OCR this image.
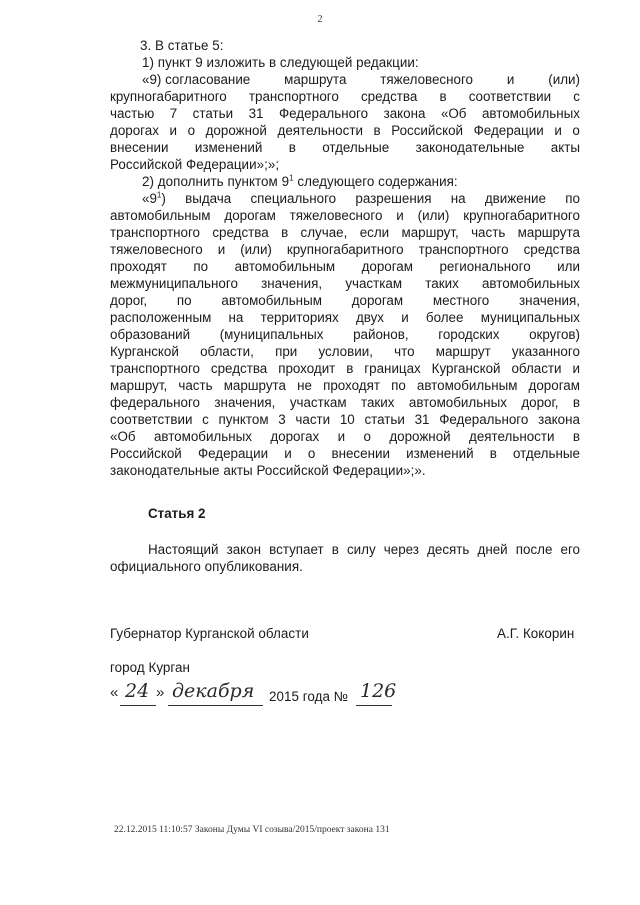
2
3. В статье 5:
1) пункт 9 изложить в следующей редакции:
«9) согласование	маршрута	тяжеловесного	и	(или)
крупногабаритного транспортного средства в соответствии с
частью 7 статьи 31 Федерального закона «Об автомобильных
дорогах и о дорожной деятельности в Российской Федерации и о
внесении изменений в отдельные законодательные акты
Российской Федерации»;»;
2) дополнить пунктом $9^1$ следующего содержания:
«$9^1$) выдача специального разрешения на движение по
автомобильным дорогам тяжеловесного и (или) крупногабаритного
транспортного средства в случае, если маршрут, часть маршрута
тяжеловесного и (или) крупногабаритного транспортного средства
проходят по автомобильным дорогам регионального или
межмуниципального значения, участкам таких автомобильных
дорог, по автомобильным дорогам местного значения,
расположенным на территориях двух и более муниципальных
образований (муниципальных районов, городских округов)
Курганской области, при условии, что маршрут указанного
транспортного средства проходит в границах Курганской области и
маршрут, часть маршрута не проходят по автомобильным дорогам
федерального значения, участкам таких автомобильных дорог, в
соответствии с пунктом 3 части 10 статьи 31 Федерального закона
«Об автомобильных дорогах и о дорожной деятельности в
Российской Федерации и о внесении изменений в отдельные
законодательные акты Российской Федерации»;».
Статья 2
Настоящий закон вступает в силу через десять дней после его
официального опубликования.
Губернатор Курганской области	А.Г. Кокорин
город Курган
« 24 » декабря 2015 года № 126
22.12.2015 11:10:57 Законы Думы VI созыва/2015/проект закона 131
